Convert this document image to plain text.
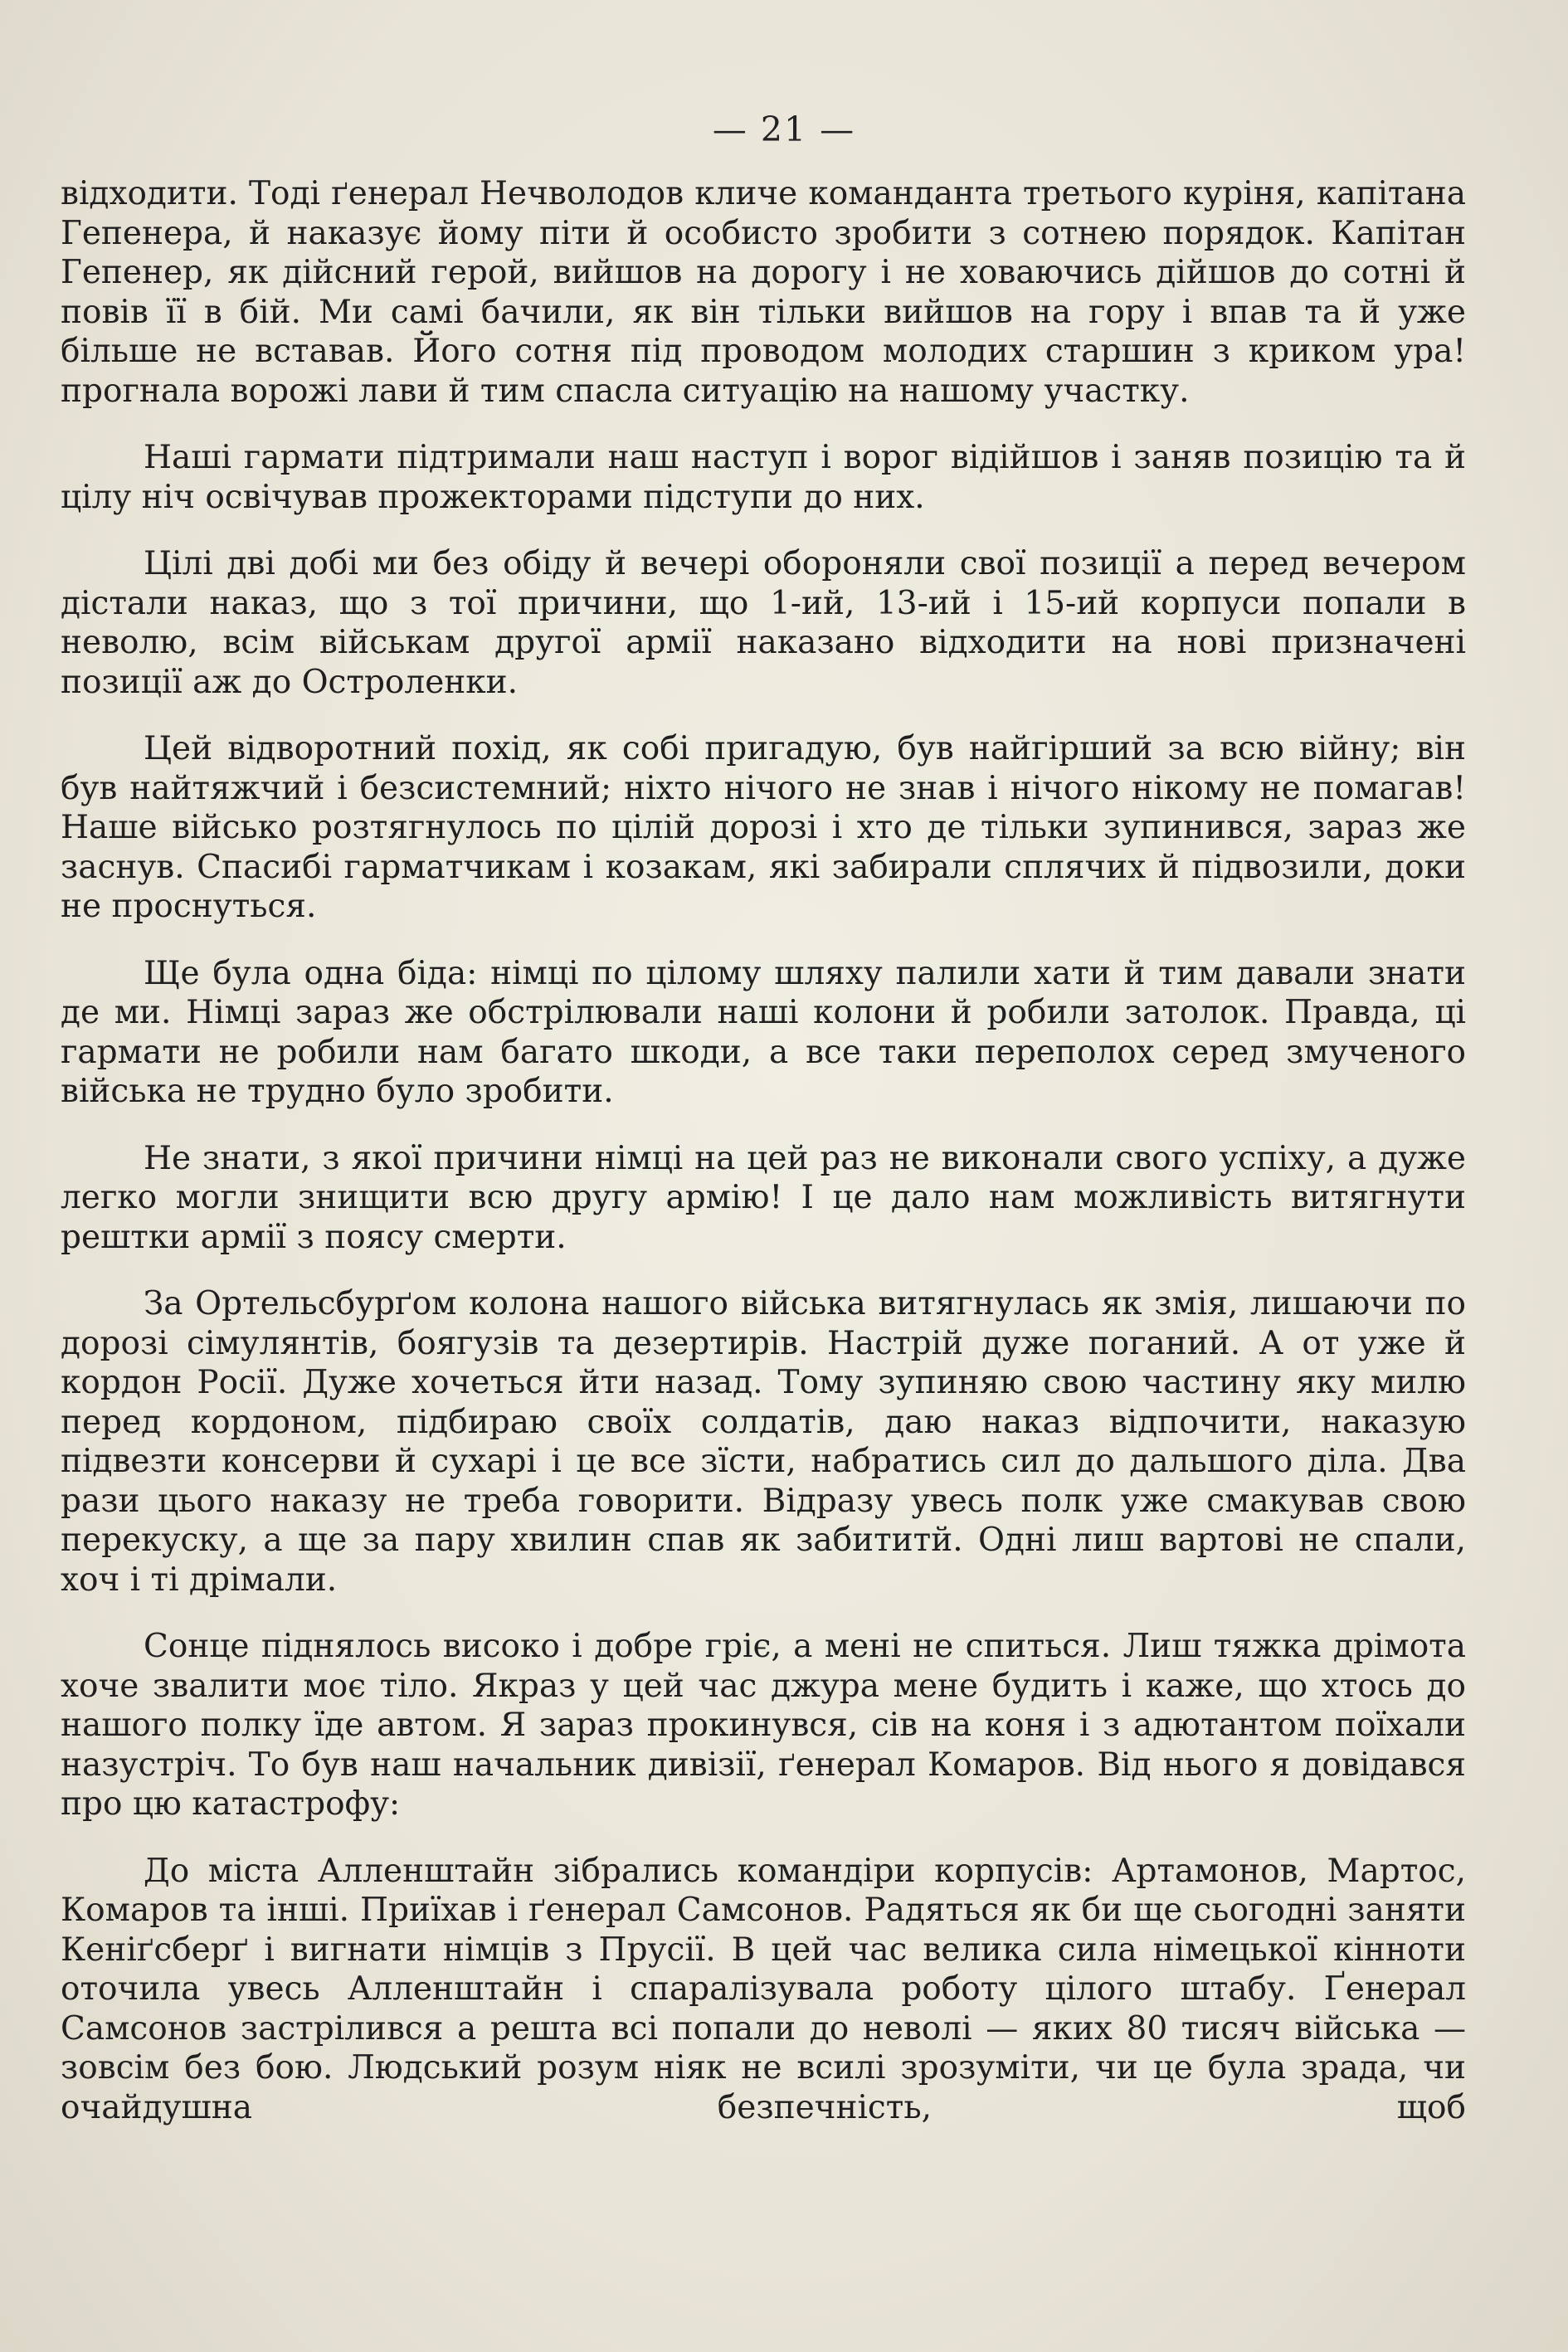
— 21 —

відходити. Тоді ґенерал Нечволодов кличе команданта третього куріня, капітана Гепенера, й наказує йому піти й особисто зробити з сотнею порядок. Капітан Гепенер, як дійсний герой, вийшов на дорогу і не ховаючись дійшов до сотні й повів її в бій. Ми самі бачили, як він тільки вийшов на гору і впав та й уже більше не вставав. Його сотня під проводом молодих старшин з криком ура! прогнала ворожі лави й тим спасла ситуацію на нашому участку.

Наші гармати підтримали наш наступ і ворог відійшов і заняв позицію та й цілу ніч освічував прожекторами підступи до них.

Цілі дві добі ми без обіду й вечері обороняли свої позиції а перед вечером дістали наказ, що з тої причини, що 1-ий, 13-ий і 15-ий корпуси попали в неволю, всім військам другої армії наказано відходити на нові призначені позиції аж до Остроленки.

Цей відворотний похід, як собі пригадую, був найгірший за всю війну; він був найтяжчий і безсистемний; ніхто нічого не знав і нічого нікому не помагав! Наше військо розтягнулось по цілій дорозі і хто де тільки зупинився, зараз же заснув. Спасибі гарматчикам і козакам, які забирали сплячих й підвозили, доки не проснуться.

Ще була одна біда: німці по цілому шляху палили хати й тим давали знати де ми. Німці зараз же обстрілювали наші колони й робили затолок. Правда, ці гармати не робили нам багато шкоди, а все таки переполох серед змученого війська не трудно було зробити.

Не знати, з якої причини німці на цей раз не виконали свого успіху, а дуже легко могли знищити всю другу армію! І це дало нам можливість витягнути рештки армії з поясу смерти.

За Ортельсбурґом колона нашого війська витягнулась як змія, лишаючи по дорозі сімулянтів, боягузів та дезертирів. Настрій дуже поганий. А от уже й кордон Росії. Дуже хочеться йти назад. Тому зупиняю свою частину яку милю перед кордоном, підбираю своїх солдатів, даю наказ відпочити, наказую підвезти консерви й сухарі і це все зїсти, набратись сил до дальшого діла. Два рази цього наказу не треба говорити. Відразу увесь полк уже смакував свою перекуску, а ще за пару хвилин спав як забититй. Одні лиш вартові не спали, хоч і ті дрімали.

Сонце піднялось високо і добре гріє, а мені не спиться. Лиш тяжка дрімота хоче звалити моє тіло. Якраз у цей час джура мене будить і каже, що хтось до нашого полку їде автом. Я зараз прокинувся, сів на коня і з адютантом поїхали назустріч. То був наш начальник дивізії, ґенерал Комаров. Від нього я довідався про цю катастрофу:

До міста Алленштайн зібрались командіри корпусів: Артамонов, Мартос, Комаров та інші. Приїхав і ґенерал Самсонов. Радяться як би ще сьогодні заняти Кеніґсберґ і вигнати німців з Прусії. В цей час велика сила німецької кінноти оточила увесь Алленштайн і спаралізувала роботу цілого штабу. Ґенерал Самсонов застрілився а решта всі попали до неволі — яких 80 тисяч війська — зовсім без бою. Людський розум ніяк не всилі зрозуміти, чи це була зрада, чи очайдушна безпечність, щоб
